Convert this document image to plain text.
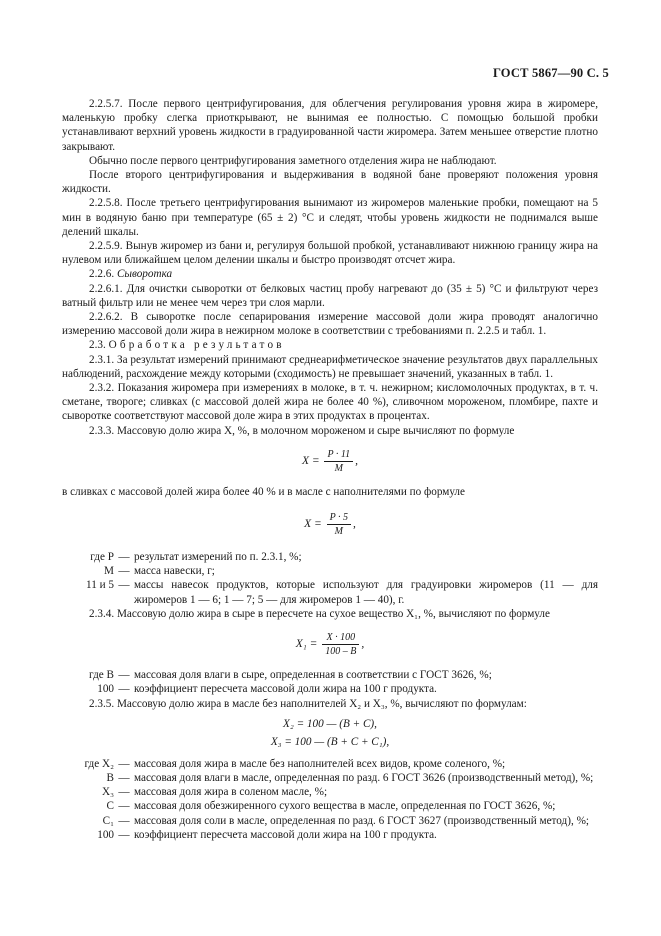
ГОСТ 5867—90 С. 5

2.2.5.7. После первого центрифугирования, для облегчения регулирования уровня жира в жиромере, маленькую пробку слегка приоткрывают, не вынимая ее полностью. С помощью большой пробки устанавливают верхний уровень жидкости в градуированной части жиромера. Затем меньшее отверстие плотно закрывают.

Обычно после первого центрифугирования заметного отделения жира не наблюдают.

После второго центрифугирования и выдерживания в водяной бане проверяют положения уровня жидкости.

2.2.5.8. После третьего центрифугирования вынимают из жиромеров маленькие пробки, помещают на 5 мин в водяную баню при температуре (65 ± 2) °С и следят, чтобы уровень жидкости не поднимался выше делений шкалы.

2.2.5.9. Вынув жиромер из бани и, регулируя большой пробкой, устанавливают нижнюю границу жира на нулевом или ближайшем целом делении шкалы и быстро производят отсчет жира.

2.2.6. Сыворотка

2.2.6.1. Для очистки сыворотки от белковых частиц пробу нагревают до (35 ± 5) °С и фильтруют через ватный фильтр или не менее чем через три слоя марли.

2.2.6.2. В сыворотке после сепарирования измерение массовой доли жира проводят аналогично измерению массовой доли жира в нежирном молоке в соответствии с требованиями п. 2.2.5 и табл. 1.

2.3. Обработка результатов

2.3.1. За результат измерений принимают среднеарифметическое значение результатов двух параллельных наблюдений, расхождение между которыми (сходимость) не превышает значений, указанных в табл. 1.

2.3.2. Показания жиромера при измерениях в молоке, в т. ч. нежирном; кисломолочных продуктах, в т. ч. сметане, твороге; сливках (с массовой долей жира не более 40 %), сливочном мороженом, пломбире, пахте и сыворотке соответствуют массовой доле жира в этих продуктах в процентах.

2.3.3. Массовую долю жира X, %, в молочном мороженом и сыре вычисляют по формуле

$X = \frac{P \cdot 11}{M}$ ,

в сливках с массовой долей жира более 40 % и в масле с наполнителями по формуле

$X = \frac{P \cdot 5}{M}$ ,
где P — результат измерений по п. 2.3.1, %;
M — масса навески, г;
11 и 5 — массы навесок продуктов, которые используют для градуировки жиромеров (11 — для жиромеров 1 — 6; 1 — 7; 5 — для жиромеров 1 — 40), г.

2.3.4. Массовую долю жира в сыре в пересчете на сухое вещество X₁, %, вычисляют по формуле

$X_1 = \frac{X \cdot 100}{100 - B}$ ,
где B — массовая доля влаги в сыре, определенная в соответствии с ГОСТ 3626, %;
100 — коэффициент пересчета массовой доли жира на 100 г продукта.

2.3.5. Массовую долю жира в масле без наполнителей X₂ и X₃, %, вычисляют по формулам:

X₂ = 100 — (B + C),
X₃ = 100 — (B + C + C₁),
где X₂ — массовая доля жира в масле без наполнителей всех видов, кроме соленого, %;
B — массовая доля влаги в масле, определенная по разд. 6 ГОСТ 3626 (производственный метод), %;
X₃ — массовая доля жира в соленом масле, %;
C — массовая доля обезжиренного сухого вещества в масле, определенная по ГОСТ 3626, %;
C₁ — массовая доля соли в масле, определенная по разд. 6 ГОСТ 3627 (производственный метод), %;
100 — коэффициент пересчета массовой доли жира на 100 г продукта.
